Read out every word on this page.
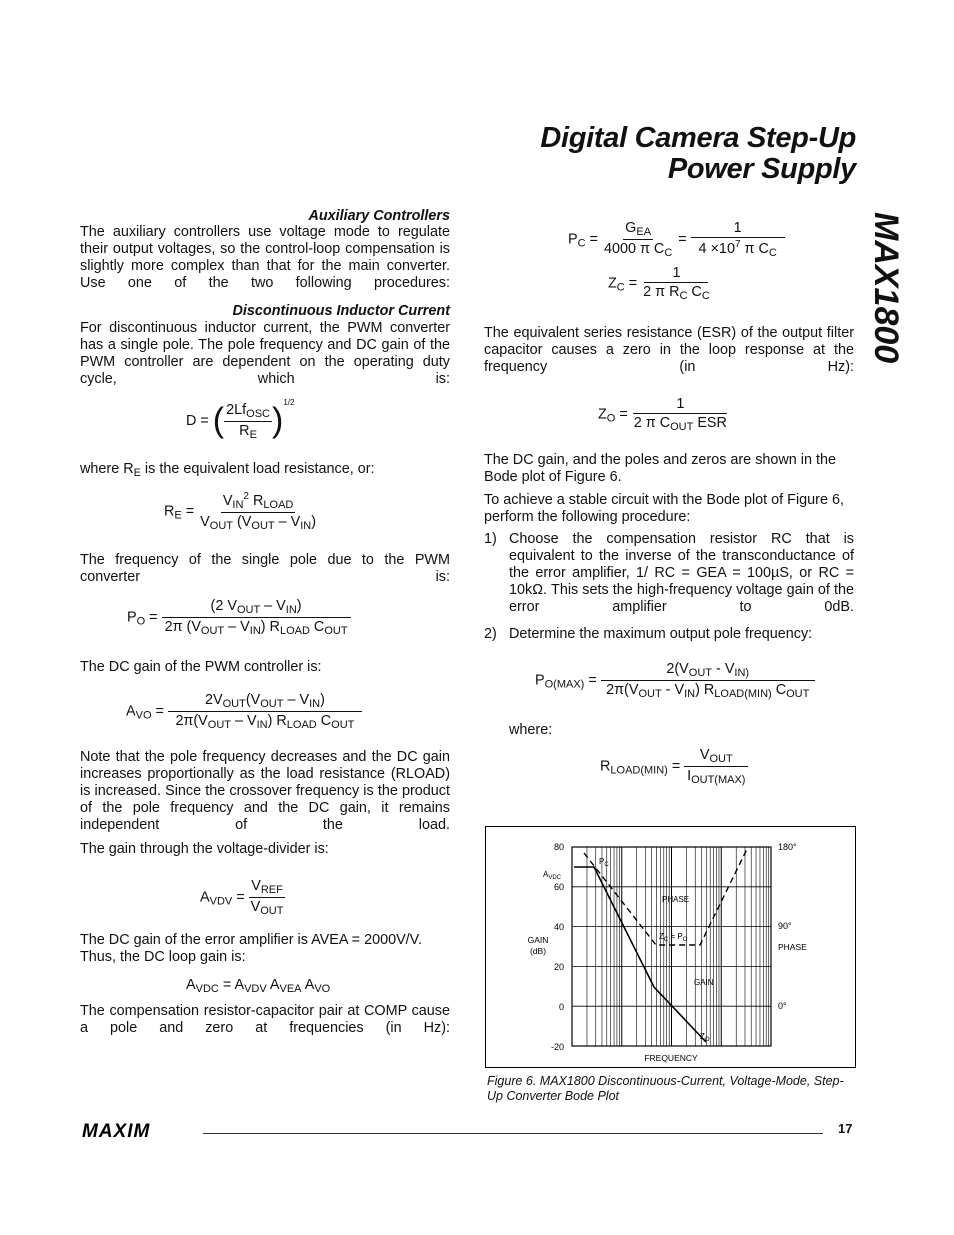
Digital Camera Step-Up
Power Supply
MAX1800
Auxiliary Controllers
The auxiliary controllers use voltage mode to regulate their output voltages, so the control-loop compensation is slightly more complex than that for the main converter. Use one of the two following procedures:
Discontinuous Inductor Current
For discontinuous inductor current, the PWM converter has a single pole. The pole frequency and DC gain of the PWM controller are dependent on the operating duty cycle, which is:
D = ( $\frac{2Lf_{OSC}}{R_E} )^{1/2}$
where $R_E$ is the equivalent load resistance, or:
$R_E = \frac{V_{IN}^2 R_{LOAD}}{V_{OUT} (V_{OUT} - V_{IN})}$
The frequency of the single pole due to the PWM converter is:
$P_O = \frac{(2 V_{OUT} - V_{IN})}{2\pi (V_{OUT} - V_{IN}) R_{LOAD} C_{OUT}}$
The DC gain of the PWM controller is:
$A_{VO} = \frac{2V_{OUT}(V_{OUT} - V_{IN})}{2\pi(V_{OUT} - V_{IN}) R_{LOAD} C_{OUT}}$
Note that the pole frequency decreases and the DC gain increases proportionally as the load resistance (RLOAD) is increased. Since the crossover frequency is the product of the pole frequency and the DC gain, it remains independent of the load.
The gain through the voltage-divider is:
$A_{VDV} = \frac{V_{REF}}{V_{OUT}}$
The DC gain of the error amplifier is AVEA = 2000V/V. Thus, the DC loop gain is:
$A_{VDC} = A_{VDV}$ $A_{VEA}$ $A_{VO}$
The compensation resistor-capacitor pair at COMP cause a pole and zero at frequencies (in Hz):
$P_C = \frac{G_{EA}}{4000 \pi C_C} = \frac{1}{4 \times 10^7 \pi C_C}$
$Z_C = \frac{1}{2 \pi R_C C_C}$
The equivalent series resistance (ESR) of the output filter capacitor causes a zero in the loop response at the frequency (in Hz):
$Z_O = \frac{1}{2 \pi C_{OUT} ESR}$
The DC gain, and the poles and zeros are shown in the Bode plot of Figure 6.
To achieve a stable circuit with the Bode plot of Figure 6, perform the following procedure:
1) Choose the compensation resistor RC that is equivalent to the inverse of the transconductance of the error amplifier, 1/ RC = GEA = 100µS, or RC = 10kΩ. This sets the high-frequency voltage gain of the error amplifier to 0dB.
2) Determine the maximum output pole frequency:
$P_{O(MAX)} = \frac{2(V_{OUT} - V_{IN)}}{2\pi(V_{OUT} - V_{IN}) R_{LOAD(MIN)} C_{OUT}}$
where:
$R_{LOAD(MIN)} = \frac{V_{OUT}}{I_{OUT(MAX)}}$
80
60
40
20
0
-20
180°
90°
0°
GAIN
(dB)	PHASE
FREQUENCY
$A_{VDC}$
$P_C$
PHASE
$Z_C = P_O$
GAIN
$Z_O$
Figure 6. MAX1800 Discontinuous-Current, Voltage-Mode, Step-Up Converter Bode Plot
MAXIM	17
